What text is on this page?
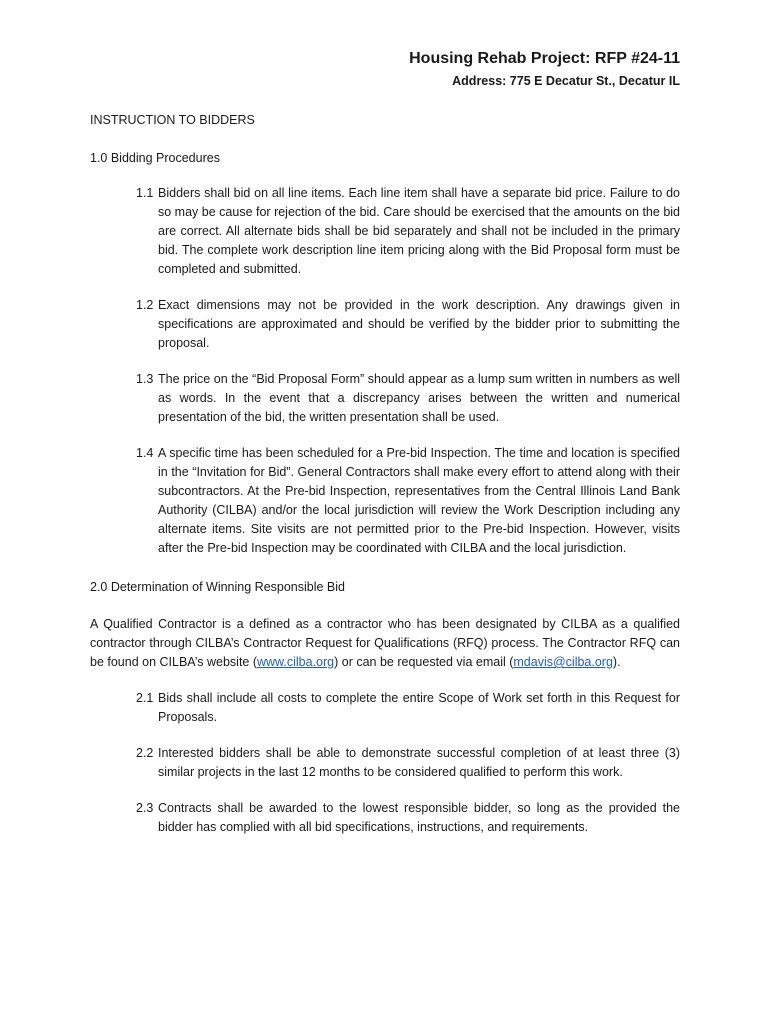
Housing Rehab Project: RFP #24-11
Address: 775 E Decatur St., Decatur IL
INSTRUCTION TO BIDDERS
1.0 Bidding Procedures
1.1 Bidders shall bid on all line items. Each line item shall have a separate bid price. Failure to do so may be cause for rejection of the bid. Care should be exercised that the amounts on the bid are correct. All alternate bids shall be bid separately and shall not be included in the primary bid. The complete work description line item pricing along with the Bid Proposal form must be completed and submitted.
1.2 Exact dimensions may not be provided in the work description. Any drawings given in specifications are approximated and should be verified by the bidder prior to submitting the proposal.
1.3 The price on the “Bid Proposal Form” should appear as a lump sum written in numbers as well as words. In the event that a discrepancy arises between the written and numerical presentation of the bid, the written presentation shall be used.
1.4 A specific time has been scheduled for a Pre-bid Inspection. The time and location is specified in the “Invitation for Bid”. General Contractors shall make every effort to attend along with their subcontractors. At the Pre-bid Inspection, representatives from the Central Illinois Land Bank Authority (CILBA) and/or the local jurisdiction will review the Work Description including any alternate items. Site visits are not permitted prior to the Pre-bid Inspection. However, visits after the Pre-bid Inspection may be coordinated with CILBA and the local jurisdiction.
2.0 Determination of Winning Responsible Bid
A Qualified Contractor is a defined as a contractor who has been designated by CILBA as a qualified contractor through CILBA’s Contractor Request for Qualifications (RFQ) process. The Contractor RFQ can be found on CILBA’s website (www.cilba.org) or can be requested via email (mdavis@cilba.org).
2.1 Bids shall include all costs to complete the entire Scope of Work set forth in this Request for Proposals.
2.2 Interested bidders shall be able to demonstrate successful completion of at least three (3) similar projects in the last 12 months to be considered qualified to perform this work.
2.3 Contracts shall be awarded to the lowest responsible bidder, so long as the provided the bidder has complied with all bid specifications, instructions, and requirements.
